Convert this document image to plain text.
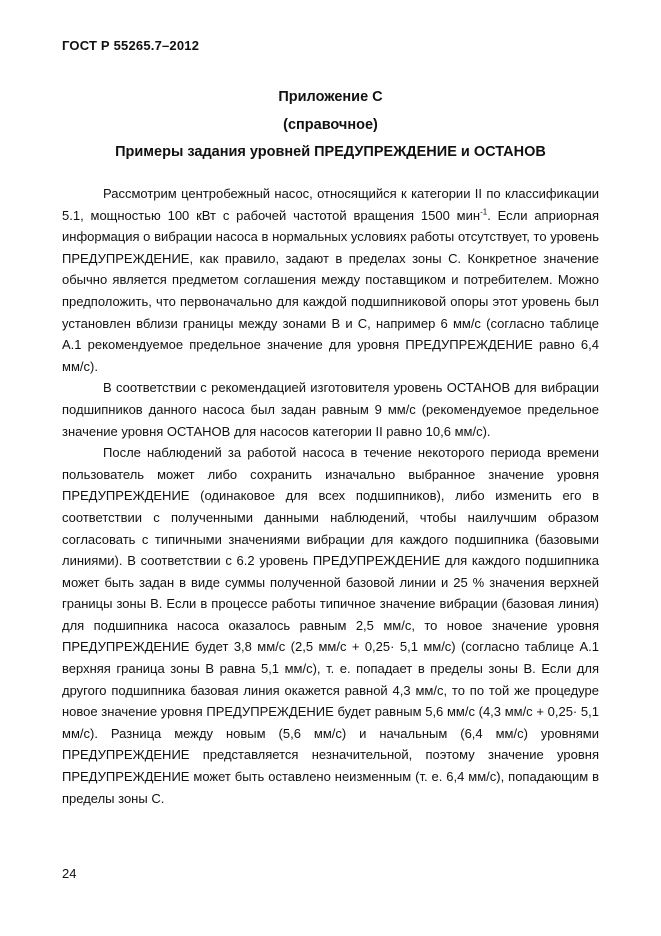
ГОСТ Р 55265.7–2012
Приложение С
(справочное)
Примеры задания уровней ПРЕДУПРЕЖДЕНИЕ и ОСТАНОВ

Рассмотрим центробежный насос, относящийся к категории II по классификации 5.1, мощностью 100 кВт с рабочей частотой вращения 1500 мин$^{-1}$. Если априорная информация о вибрации насоса в нормальных условиях работы отсутствует, то уровень ПРЕДУПРЕЖДЕНИЕ, как правило, задают в пределах зоны С. Конкретное значение обычно является предметом соглашения между поставщиком и потребителем. Можно предположить, что первоначально для каждой подшипниковой опоры этот уровень был установлен вблизи границы между зонами В и С, например 6 мм/с (согласно таблице А.1 рекомендуемое предельное значение для уровня ПРЕДУПРЕЖДЕНИЕ равно 6,4 мм/с).

В соответствии с рекомендацией изготовителя уровень ОСТАНОВ для вибрации подшипников данного насоса был задан равным 9 мм/с (рекомендуемое предельное значение уровня ОСТАНОВ для насосов категории II равно 10,6 мм/с).

После наблюдений за работой насоса в течение некоторого периода времени пользователь может либо сохранить изначально выбранное значение уровня ПРЕДУПРЕЖДЕНИЕ (одинаковое для всех подшипников), либо изменить его в соответствии с полученными данными наблюдений, чтобы наилучшим образом согласовать с типичными значениями вибрации для каждого подшипника (базовыми линиями). В соответствии с 6.2 уровень ПРЕДУПРЕЖДЕНИЕ для каждого подшипника может быть задан в виде суммы полученной базовой линии и 25 % значения верхней границы зоны В. Если в процессе работы типичное значение вибрации (базовая линия) для подшипника насоса оказалось равным 2,5 мм/с, то новое значение уровня ПРЕДУПРЕЖДЕНИЕ будет 3,8 мм/с (2,5 мм/с + 0,25· 5,1 мм/с) (согласно таблице А.1 верхняя граница зоны В равна 5,1 мм/с), т. е. попадает в пределы зоны В. Если для другого подшипника базовая линия окажется равной 4,3 мм/с, то по той же процедуре новое значение уровня ПРЕДУПРЕЖДЕНИЕ будет равным 5,6 мм/с (4,3 мм/с + 0,25· 5,1 мм/с). Разница между новым (5,6 мм/с) и начальным (6,4 мм/с) уровнями ПРЕДУПРЕЖДЕНИЕ представляется незначительной, поэтому значение уровня ПРЕДУПРЕЖДЕНИЕ может быть оставлено неизменным (т. е. 6,4 мм/с), попадающим в пределы зоны С.

24
